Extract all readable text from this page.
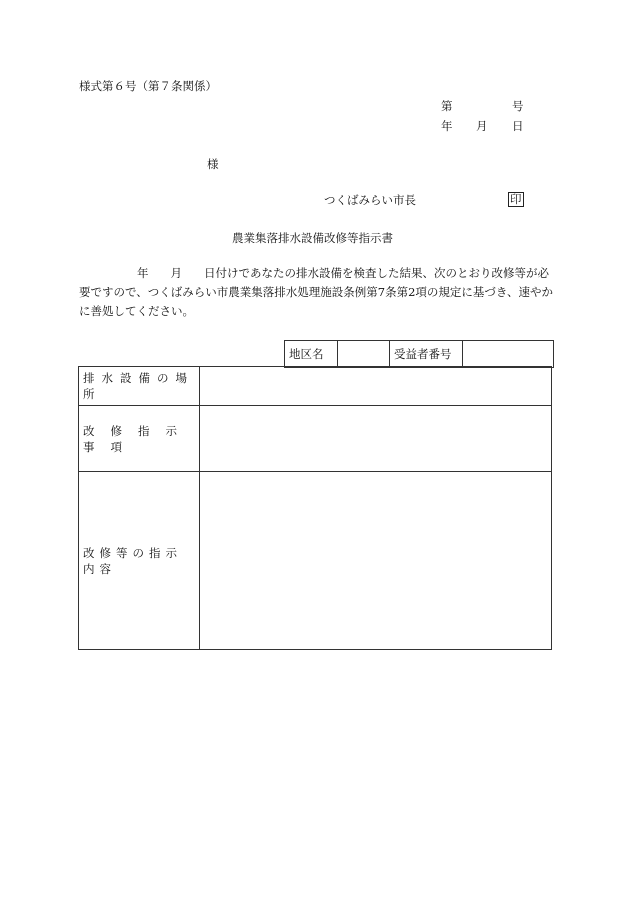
様式第６号（第７条関係）
第	号
年 月 日
様
つくばみらい市長	印
農業集落排水設備改修等指示書
年 月 日付けであなたの排水設備を検査した結果、次のとおり改修等が必要ですので、つくばみらい市農業集落排水処理施設条例第7条第2項の規定に基づき、速やかに善処してください。
地区名		受益者番号	
排水設備の場所	
改修指示事項	
改修等の指示内容	
